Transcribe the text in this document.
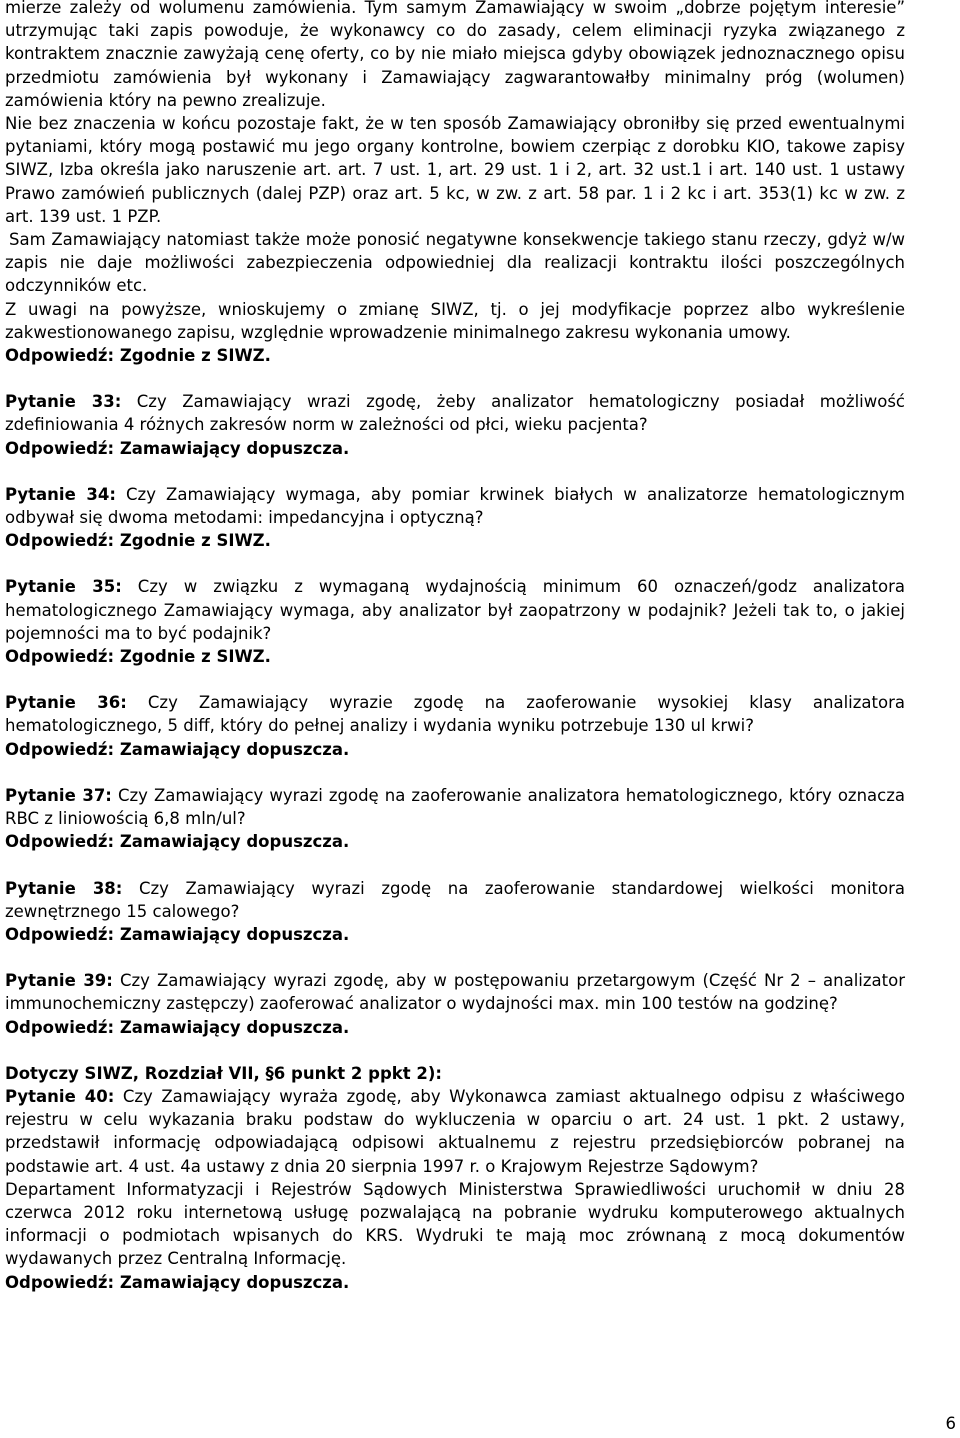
mierze zależy od wolumenu zamówienia. Tym samym Zamawiający w swoim „dobrze pojętym interesie” utrzymując taki zapis powoduje, że wykonawcy co do zasady, celem eliminacji ryzyka związanego z kontraktem znacznie zawyżają cenę oferty, co by nie miało miejsca gdyby obowiązek jednoznacznego opisu przedmiotu zamówienia był wykonany i Zamawiający zagwarantowałby minimalny próg (wolumen) zamówienia który na pewno zrealizuje.

Nie bez znaczenia w końcu pozostaje fakt, że w ten sposób Zamawiający obroniłby się przed ewentualnymi pytaniami, który mogą postawić mu jego organy kontrolne, bowiem czerpiąc z dorobku KIO, takowe zapisy SIWZ, Izba określa jako naruszenie art. art. 7 ust. 1, art. 29 ust. 1 i 2, art. 32 ust.1 i art. 140 ust. 1 ustawy Prawo zamówień publicznych (dalej PZP) oraz art. 5 kc, w zw. z art. 58 par. 1 i 2 kc i art. 353(1) kc w zw. z art. 139 ust. 1 PZP.

Sam Zamawiający natomiast także może ponosić negatywne konsekwencje takiego stanu rzeczy, gdyż w/w zapis nie daje możliwości zabezpieczenia odpowiedniej dla realizacji kontraktu ilości poszczególnych odczynników etc.

Z uwagi na powyższe, wnioskujemy o zmianę SIWZ, tj. o jej modyfikacje poprzez albo wykreślenie zakwestionowanego zapisu, względnie wprowadzenie minimalnego zakresu wykonania umowy.

Odpowiedź: Zgodnie z SIWZ.

Pytanie 33: Czy Zamawiający wrazi zgodę, żeby analizator hematologiczny posiadał możliwość zdefiniowania 4 różnych zakresów norm w zależności od płci, wieku pacjenta?

Odpowiedź: Zamawiający dopuszcza.

Pytanie 34: Czy Zamawiający wymaga, aby pomiar krwinek białych w analizatorze hematologicznym odbywał się dwoma metodami: impedancyjna i optyczną?

Odpowiedź: Zgodnie z SIWZ.

Pytanie 35: Czy w związku z wymaganą wydajnością minimum 60 oznaczeń/godz analizatora hematologicznego Zamawiający wymaga, aby analizator był zaopatrzony w podajnik? Jeżeli tak to, o jakiej pojemności ma to być podajnik?

Odpowiedź: Zgodnie z SIWZ.

Pytanie 36: Czy Zamawiający wyrazie zgodę na zaoferowanie wysokiej klasy analizatora hematologicznego, 5 diff, który do pełnej analizy i wydania wyniku potrzebuje 130 ul krwi?

Odpowiedź: Zamawiający dopuszcza.

Pytanie 37: Czy Zamawiający wyrazi zgodę na zaoferowanie analizatora hematologicznego, który oznacza RBC z liniowością 6,8 mln/ul?

Odpowiedź: Zamawiający dopuszcza.

Pytanie 38: Czy Zamawiający wyrazi zgodę na zaoferowanie standardowej wielkości monitora zewnętrznego 15 calowego?

Odpowiedź: Zamawiający dopuszcza.

Pytanie 39: Czy Zamawiający wyrazi zgodę, aby w postępowaniu przetargowym (Część Nr 2 – analizator immunochemiczny zastępczy) zaoferować analizator o wydajności max. min 100 testów na godzinę?

Odpowiedź: Zamawiający dopuszcza.

Dotyczy SIWZ, Rozdział VII, §6 punkt 2 ppkt 2):

Pytanie 40: Czy Zamawiający wyraża zgodę, aby Wykonawca zamiast aktualnego odpisu z właściwego rejestru w celu wykazania braku podstaw do wykluczenia w oparciu o art. 24 ust. 1 pkt. 2 ustawy, przedstawił informację odpowiadającą odpisowi aktualnemu z rejestru przedsiębiorców pobranej na podstawie art. 4 ust. 4a ustawy z dnia 20 sierpnia 1997 r. o Krajowym Rejestrze Sądowym?

Departament Informatyzacji i Rejestrów Sądowych Ministerstwa Sprawiedliwości uruchomił w dniu 28 czerwca 2012 roku internetową usługę pozwalającą na pobranie wydruku komputerowego aktualnych informacji o podmiotach wpisanych do KRS. Wydruki te mają moc zrównaną z mocą dokumentów wydawanych przez Centralną Informację.

Odpowiedź: Zamawiający dopuszcza.

6
